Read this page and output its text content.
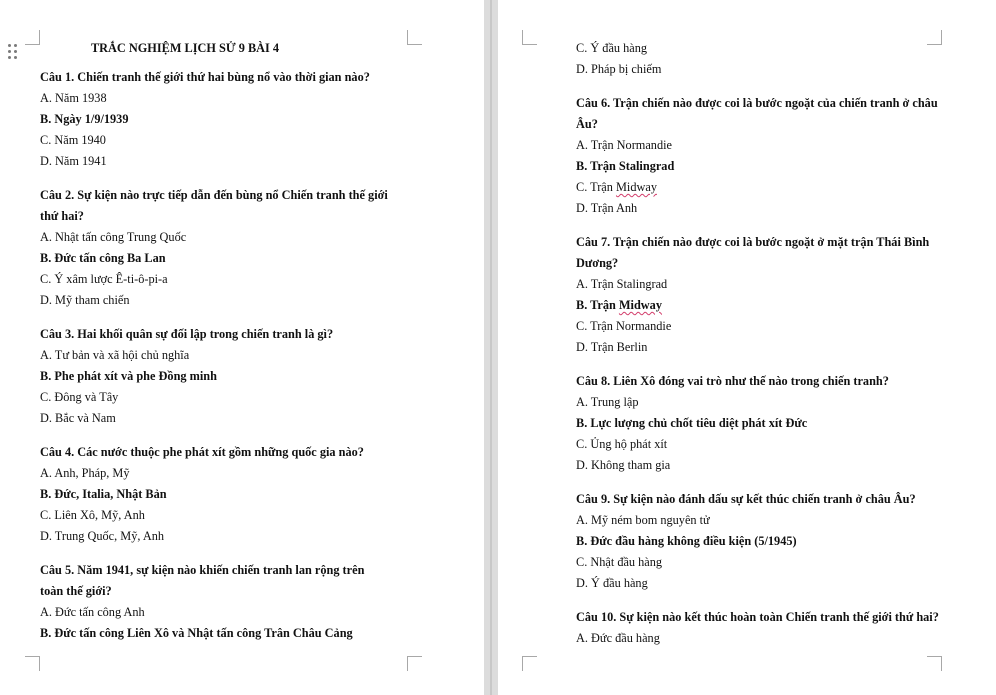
TRẮC NGHIỆM LỊCH SỬ 9 BÀI 4
Câu 1. Chiến tranh thế giới thứ hai bùng nổ vào thời gian nào?
A. Năm 1938
B. Ngày 1/9/1939
C. Năm 1940
D. Năm 1941
Câu 2. Sự kiện nào trực tiếp dẫn đến bùng nổ Chiến tranh thế giới thứ hai?
A. Nhật tấn công Trung Quốc
B. Đức tấn công Ba Lan
C. Ý xâm lược Ê-ti-ô-pi-a
D. Mỹ tham chiến
Câu 3. Hai khối quân sự đối lập trong chiến tranh là gì?
A. Tư bản và xã hội chủ nghĩa
B. Phe phát xít và phe Đồng minh
C. Đông và Tây
D. Bắc và Nam
Câu 4. Các nước thuộc phe phát xít gồm những quốc gia nào?
A. Anh, Pháp, Mỹ
B. Đức, Italia, Nhật Bản
C. Liên Xô, Mỹ, Anh
D. Trung Quốc, Mỹ, Anh
Câu 5. Năm 1941, sự kiện nào khiến chiến tranh lan rộng trên toàn thế giới?
A. Đức tấn công Anh
B. Đức tấn công Liên Xô và Nhật tấn công Trân Châu Cảng
C. Ý đầu hàng
D. Pháp bị chiếm
Câu 6. Trận chiến nào được coi là bước ngoặt của chiến tranh ở châu Âu?
A. Trận Normandie
B. Trận Stalingrad
C. Trận Midway
D. Trận Anh
Câu 7. Trận chiến nào được coi là bước ngoặt ở mặt trận Thái Bình Dương?
A. Trận Stalingrad
B. Trận Midway
C. Trận Normandie
D. Trận Berlin
Câu 8. Liên Xô đóng vai trò như thế nào trong chiến tranh?
A. Trung lập
B. Lực lượng chủ chốt tiêu diệt phát xít Đức
C. Ủng hộ phát xít
D. Không tham gia
Câu 9. Sự kiện nào đánh dấu sự kết thúc chiến tranh ở châu Âu?
A. Mỹ ném bom nguyên tử
B. Đức đầu hàng không điều kiện (5/1945)
C. Nhật đầu hàng
D. Ý đầu hàng
Câu 10. Sự kiện nào kết thúc hoàn toàn Chiến tranh thế giới thứ hai?
A. Đức đầu hàng
